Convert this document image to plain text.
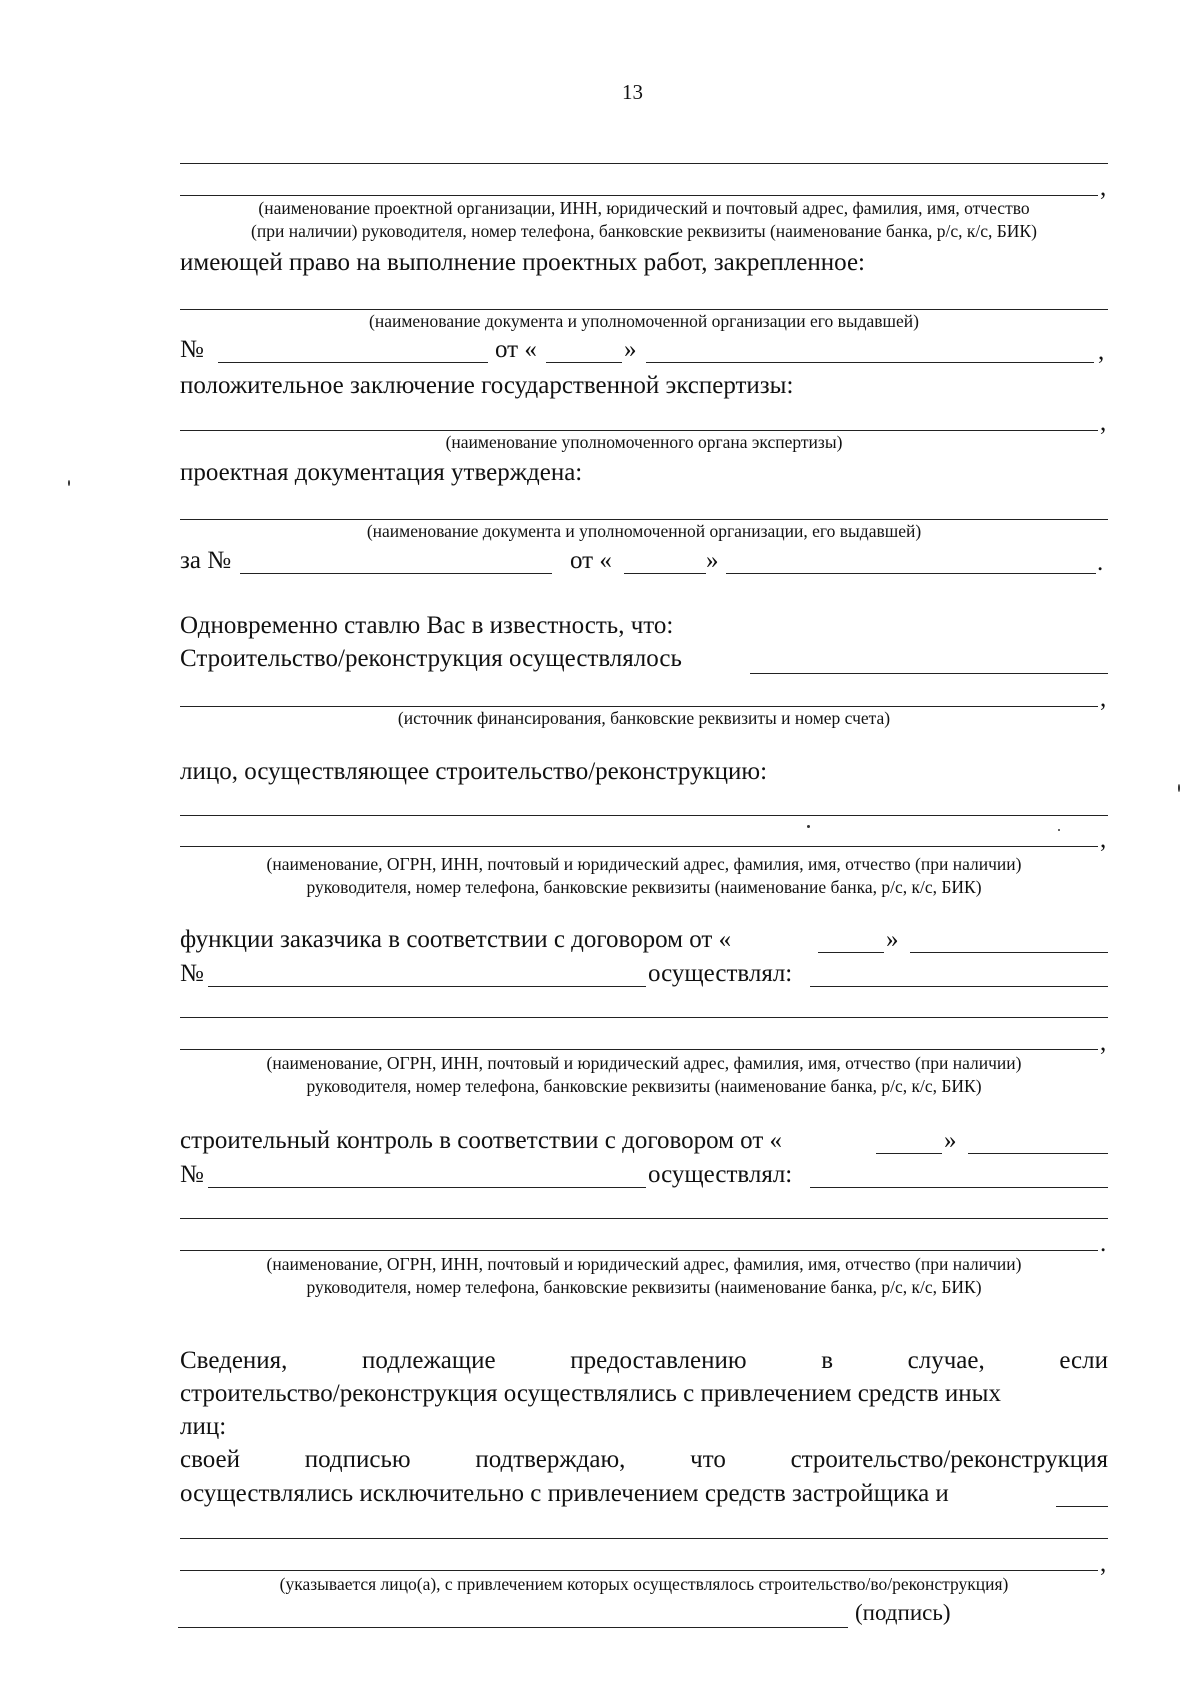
13
,
(наименование проектной организации, ИНН, юридический и почтовый адрес, фамилия, имя, отчество
(при наличии) руководителя, номер телефона, банковские реквизиты (наименование банка, р/с, к/с, БИК)
имеющей право на выполнение проектных работ, закрепленное:
(наименование документа и уполномоченной организации его выдавшей)
№	от «	»	,
положительное заключение государственной экспертизы:
,
(наименование уполномоченного органа экспертизы)
проектная документация утверждена:
(наименование документа и уполномоченной организации, его выдавшей)
за №	от «	»	.
Одновременно ставлю Вас в известность, что:
Строительство/реконструкция осуществлялось
,
(источник финансирования, банковские реквизиты и номер счета)
лицо, осуществляющее строительство/реконструкцию:
,
(наименование, ОГРН, ИНН, почтовый и юридический адрес, фамилия, имя, отчество (при наличии)
руководителя, номер телефона, банковские реквизиты (наименование банка, р/с, к/с, БИК)
функции заказчика в соответствии с договором от «	»
№	осуществлял:
,
(наименование, ОГРН, ИНН, почтовый и юридический адрес, фамилия, имя, отчество (при наличии)
руководителя, номер телефона, банковские реквизиты (наименование банка, р/с, к/с, БИК)
строительный контроль в соответствии с договором от «	»
№	осуществлял:
.
(наименование, ОГРН, ИНН, почтовый и юридический адрес, фамилия, имя, отчество (при наличии)
руководителя, номер телефона, банковские реквизиты (наименование банка, р/с, к/с, БИК)
Сведения,	подлежащие	предоставлению	в	случае,	если
строительство/реконструкция осуществлялись с привлечением средств иных
лиц:
своей	подписью	подтверждаю,	что	строительство/реконструкция
осуществлялись исключительно с привлечением средств застройщика и
,
(указывается лицо(а), с привлечением которых осуществлялось строительство/во/реконструкция)
(подпись)
